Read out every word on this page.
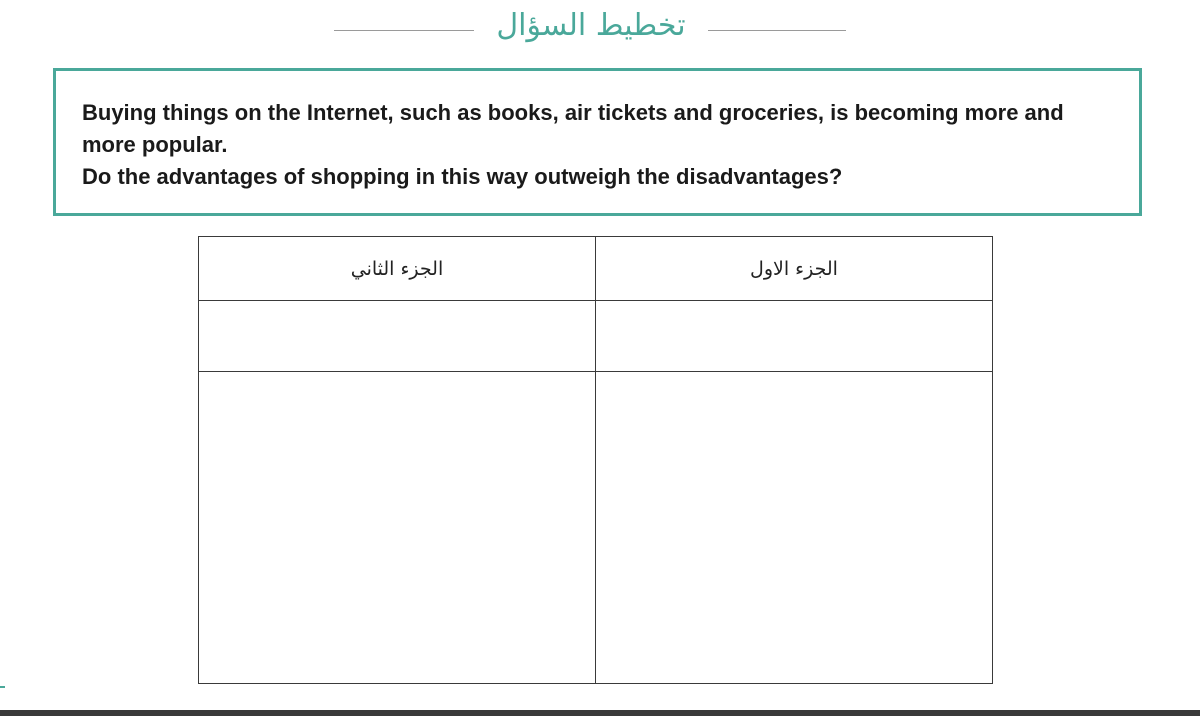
تخطيط السؤال
Buying things on the Internet, such as books, air tickets and groceries, is becoming more and more popular.
Do the advantages of shopping in this way outweigh the disadvantages?
الجزء الثاني	الجزء الاول
